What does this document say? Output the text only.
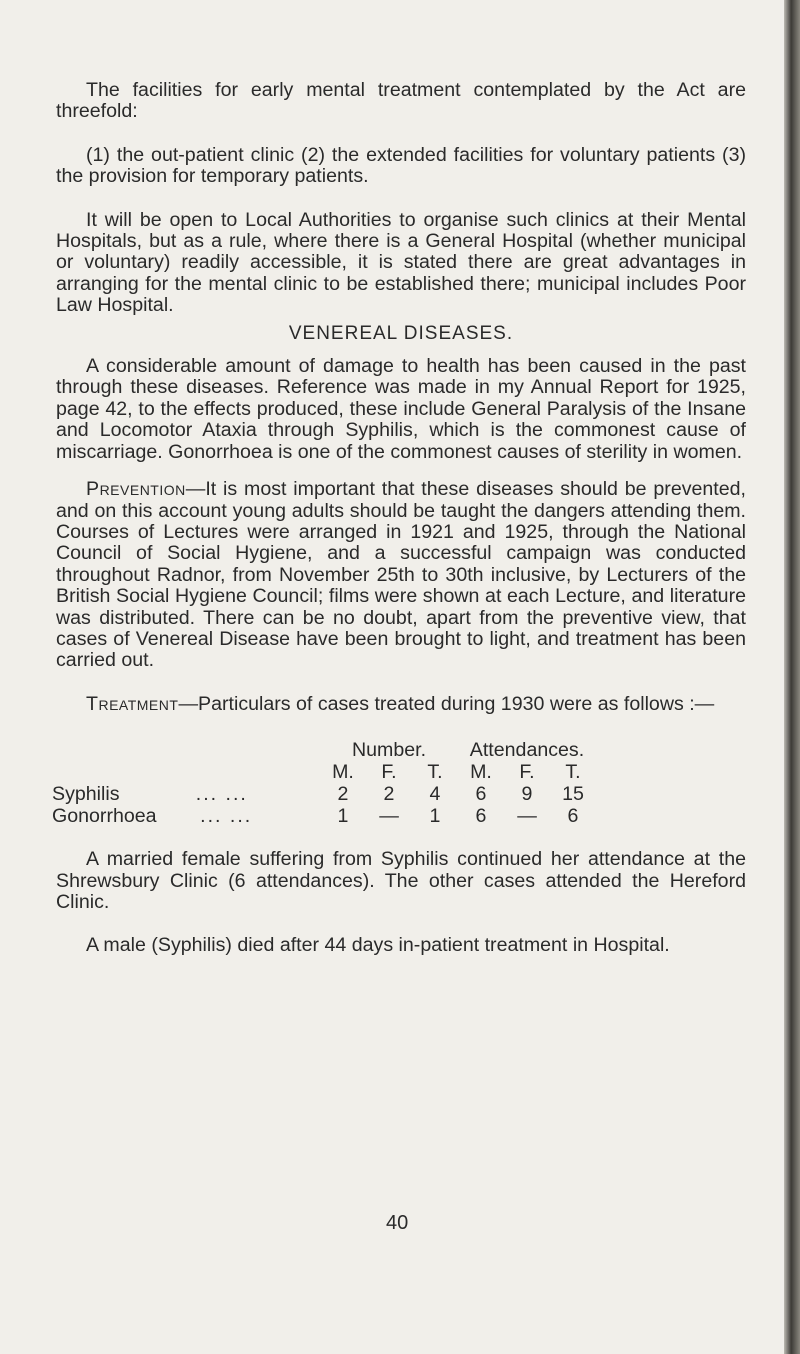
The facilities for early mental treatment contemplated by the Act are threefold:

(1) the out-patient clinic (2) the extended facilities for voluntary patients (3) the provision for temporary patients.

It will be open to Local Authorities to organise such clinics at their Mental Hospitals, but as a rule, where there is a General Hospital (whether municipal or voluntary) readily accessible, it is stated there are great advantages in arranging for the mental clinic to be established there; municipal includes Poor Law Hospital.

VENEREAL DISEASES.

A considerable amount of damage to health has been caused in the past through these diseases. Reference was made in my Annual Report for 1925, page 42, to the effects produced, these include General Paralysis of the Insane and Locomotor Ataxia through Syphilis, which is the commonest cause of miscarriage. Gonorrhoea is one of the commonest causes of sterility in women.

Prevention—It is most important that these diseases should be prevented, and on this account young adults should be taught the dangers attending them. Courses of Lectures were arranged in 1921 and 1925, through the National Council of Social Hygiene, and a successful campaign was conducted throughout Radnor, from November 25th to 30th inclusive, by Lecturers of the British Social Hygiene Council; films were shown at each Lecture, and literature was distributed. There can be no doubt, apart from the preventive view, that cases of Venereal Disease have been brought to light, and treatment has been carried out.

Treatment—Particulars of cases treated during 1930 were as follows :—

	Number.			Attendances.		
	M.	F.	T.	M.	F.	T.
Syphilis ... ...	2	2	4	6	9	15
Gonorrhoea ... ...	1	—	1	6	—	6

A married female suffering from Syphilis continued her attendance at the Shrewsbury Clinic (6 attendances). The other cases attended the Hereford Clinic.

A male (Syphilis) died after 44 days in-patient treatment in Hospital.

40
